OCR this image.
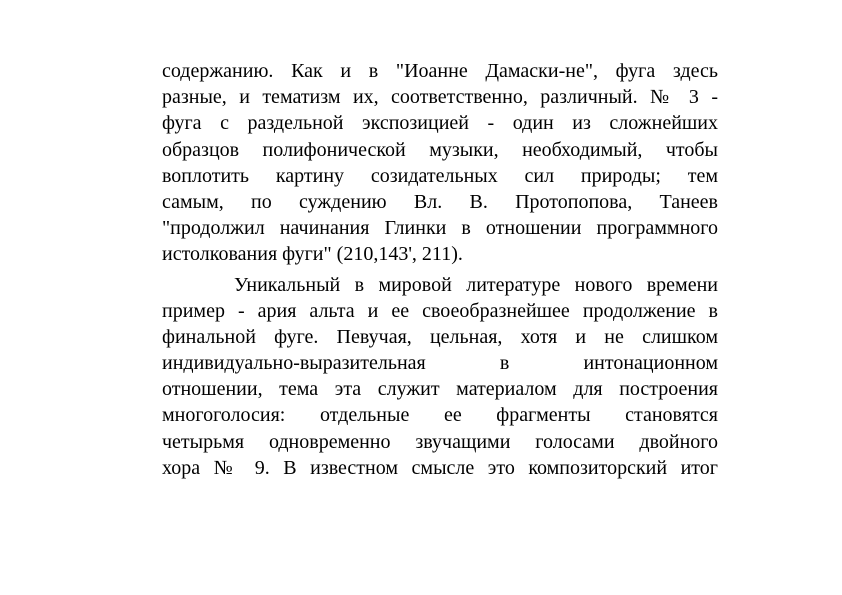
содержанию. Как и в "Иоанне Дамаски-не", фуга здесь
разные, и тематизм их, соответственно, различный. № 3 -
фуга с раздельной экспозицией - один из сложнейших
образцов полифонической музыки, необходимый, чтобы
воплотить картину созидательных сил природы; тем
самым, по суждению Вл. В. Протопопова, Танеев
"продолжил начинания Глинки в отношении программного
истолкования фуги" (210,143', 211).
Уникальный в мировой литературе нового времени
пример - ария альта и ее своеобразнейшее продолжение в
финальной фуге. Певучая, цельная, хотя и не слишком
индивидуально-выразительная в интонационном
отношении, тема эта служит материалом для построения
многоголосия: отдельные ее фрагменты становятся
четырьмя одновременно звучащими голосами двойного
хора № 9. В известном смысле это композиторский итог
